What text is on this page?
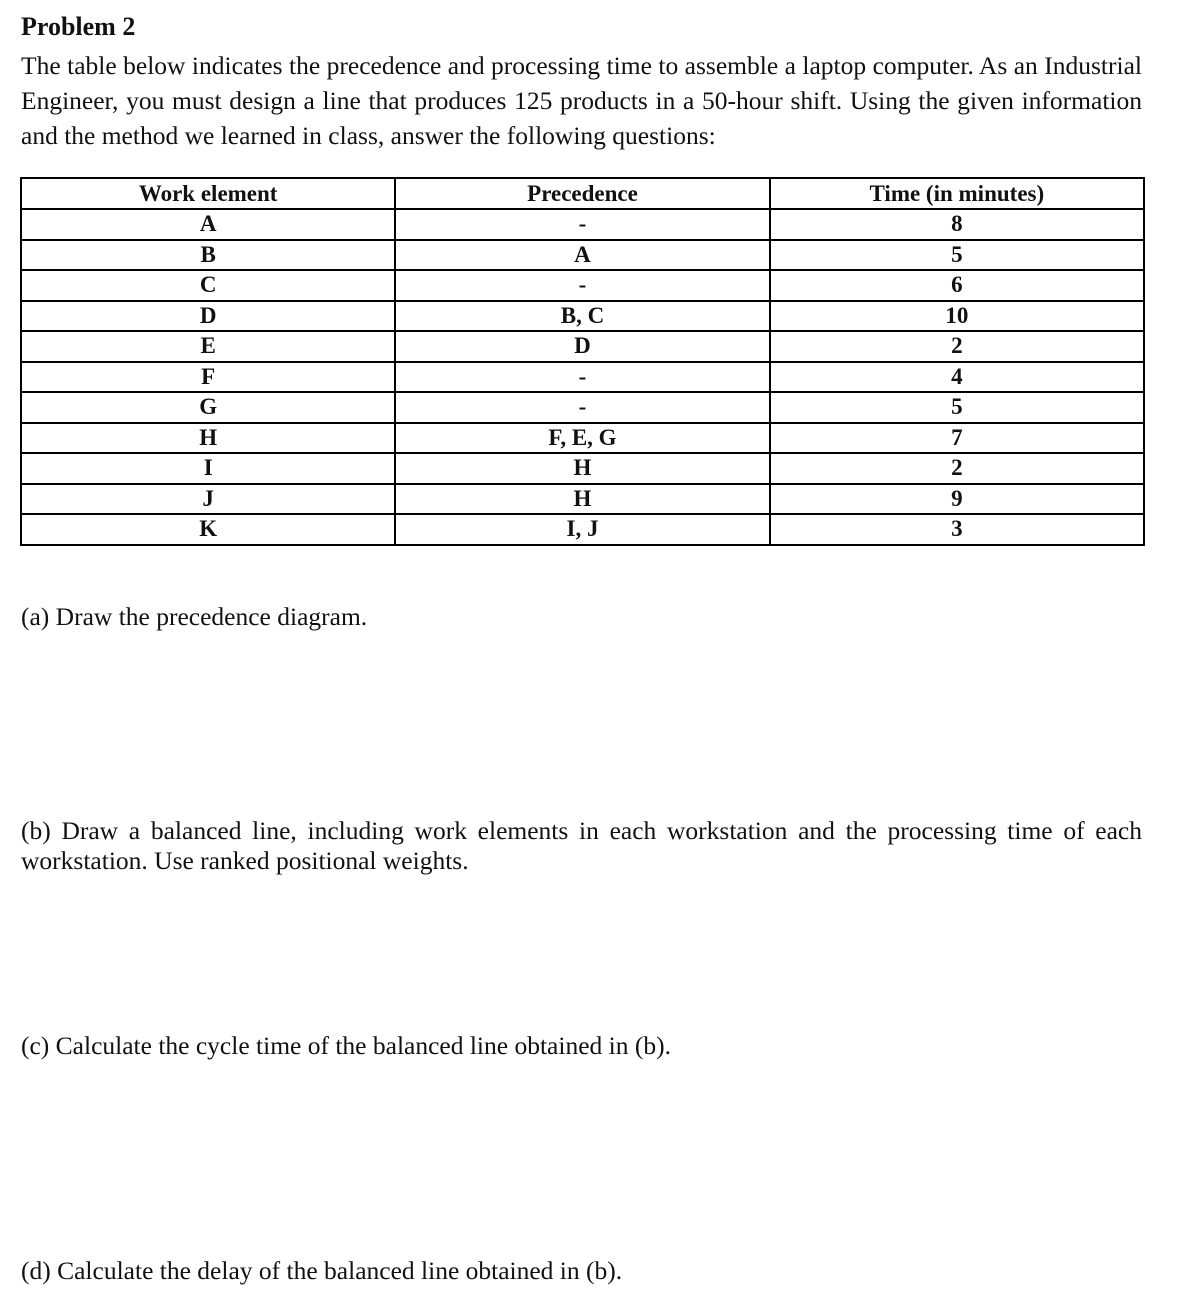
Problem 2
The table below indicates the precedence and processing time to assemble a laptop computer. As an Industrial Engineer, you must design a line that produces 125 products in a 50-hour shift. Using the given information and the method we learned in class, answer the following questions:
Work element	Precedence	Time (in minutes)
A	-	8
B	A	5
C	-	6
D	B, C	10
E	D	2
F	-	4
G	-	5
H	F, E, G	7
I	H	2
J	H	9
K	I, J	3
(a) Draw the precedence diagram.
(b) Draw a balanced line, including work elements in each workstation and the processing time of each workstation. Use ranked positional weights.
(c) Calculate the cycle time of the balanced line obtained in (b).
(d) Calculate the delay of the balanced line obtained in (b).
